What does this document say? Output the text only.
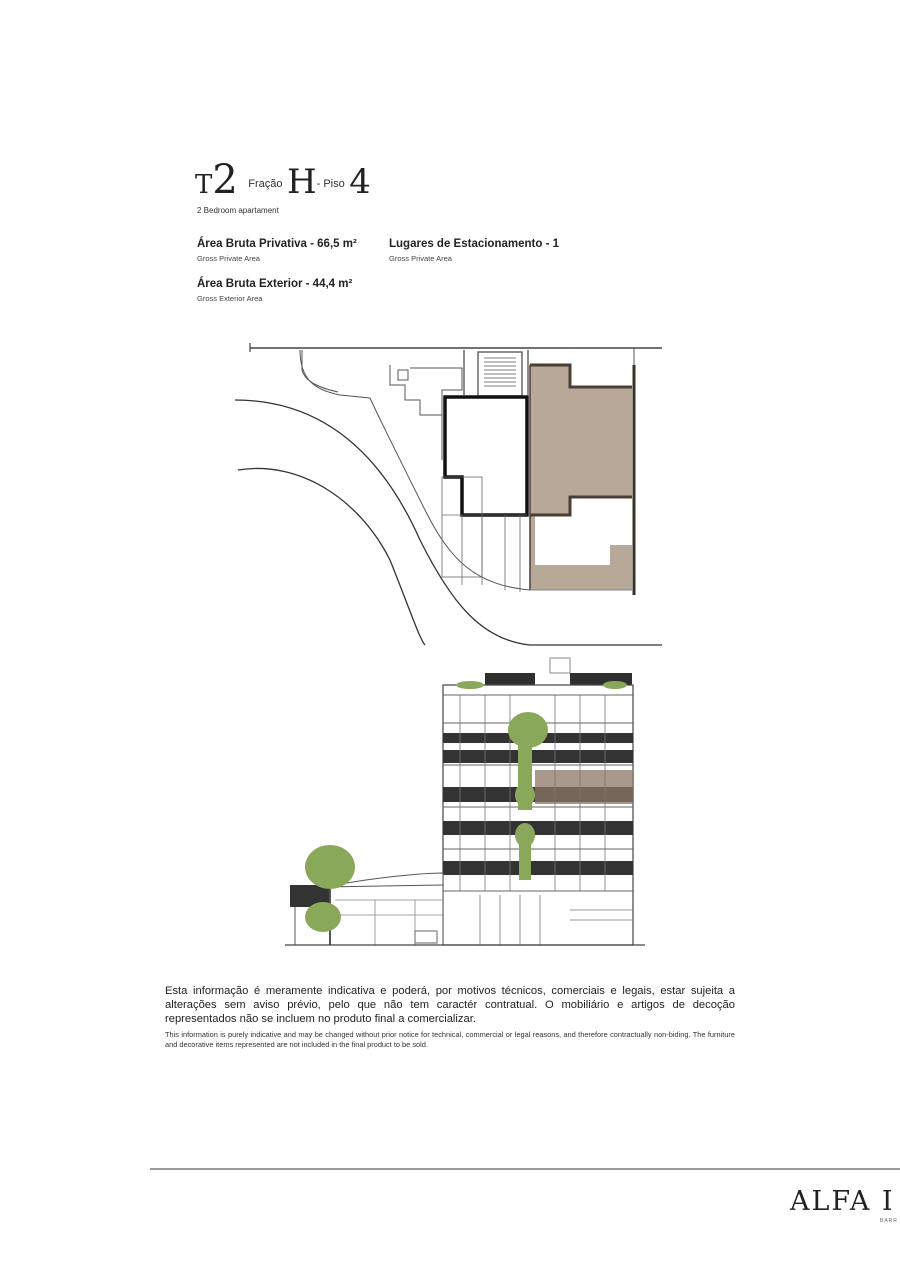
T2 $^{Fração}$ $H^{- Piso}$ 4
2 Bedroom apartament
Área Bruta Privativa - 66,5 m²
Gross Private Area
Lugares de Estacionamento - 1
Gross Private Area
Área Bruta Exterior - 44,4 m²
Gross Exterior Area
Esta informação é meramente indicativa e poderá, por motivos técnicos, comerciais e legais, estar sujeita a alterações sem aviso prévio, pelo que não tem caractér contratual. O mobiliário e artigos de decoção representados não se incluem no produto final a comercializar.
This information is purely indicative and may be changed without prior notice for technical, commercial or legal reasons, and therefore contractually non-biding. The furniture and decorative items represented are not included in the final product to be sold.
ALFA I
BARR
